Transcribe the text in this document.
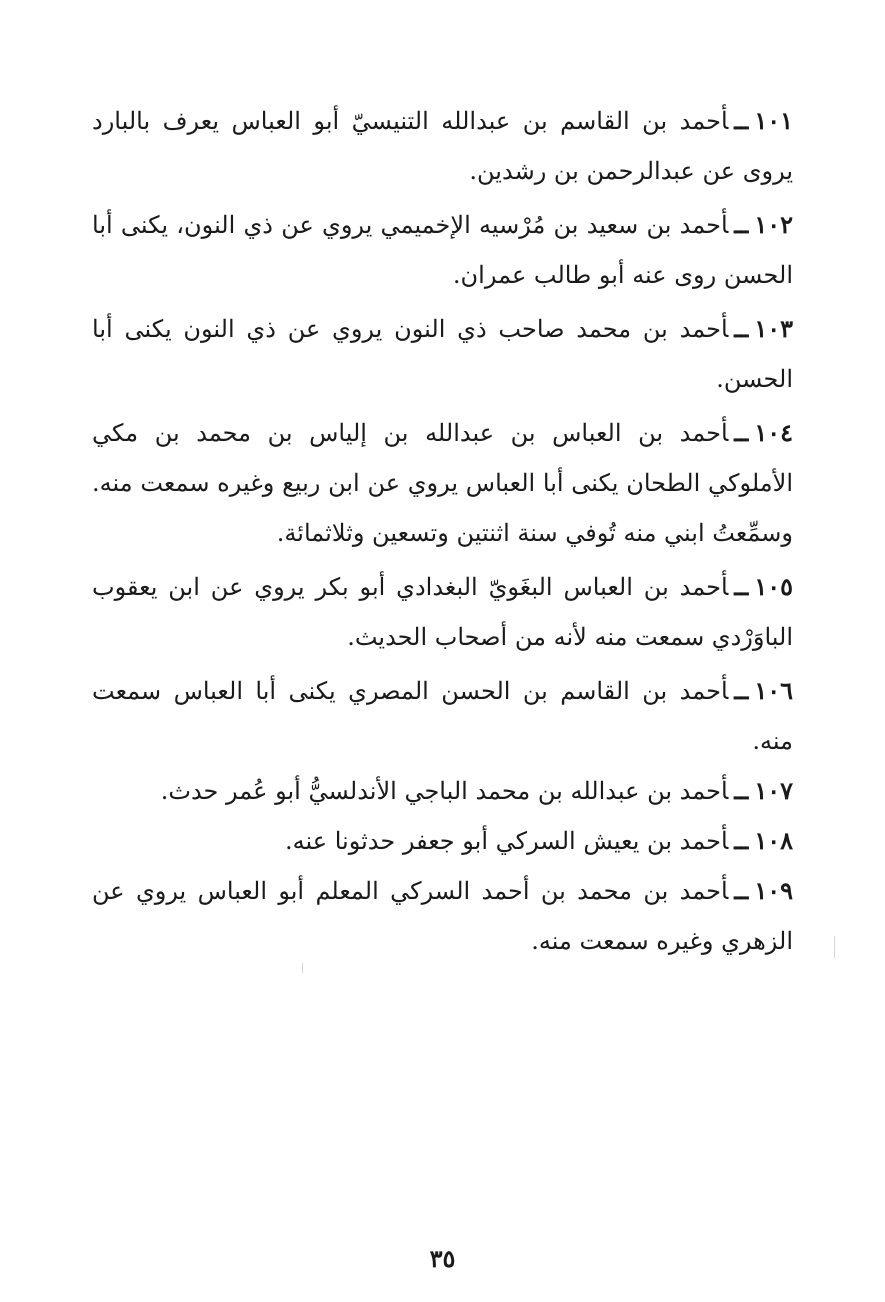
١٠١ــأحمد بن القاسم بن عبدالله التنيسيّ أبو العباس يعرف بالبارد يروى عن عبدالرحمن بن رشدين.

١٠٢ــأحمد بن سعيد بن مُرْسيه الإخميمي يروي عن ذي النون، يكنى أبا الحسن روى عنه أبو طالب عمران.

١٠٣ــأحمد بن محمد صاحب ذي النون يروي عن ذي النون يكنى أبا الحسن.

١٠٤ــأحمد بن العباس بن عبدالله بن إلياس بن محمد بن مكي الأملوكي الطحان يكنى أبا العباس يروي عن ابن ربيع وغيره سمعت منه. وسمِّعتُ ابني منه تُوفي سنة اثنتين وتسعين وثلاثمائة.

١٠٥ــأحمد بن العباس البغَويّ البغدادي أبو بكر يروي عن ابن يعقوب الباوَرْدي سمعت منه لأنه من أصحاب الحديث.

١٠٦ــأحمد بن القاسم بن الحسن المصري يكنى أبا العباس سمعت منه.

١٠٧ــأحمد بن عبدالله بن محمد الباجي الأندلسيُّ أبو عُمر حدث.

١٠٨ــأحمد بن يعيش السركي أبو جعفر حدثونا عنه.

١٠٩ــأحمد بن محمد بن أحمد السركي المعلم أبو العباس يروي عن الزهري وغيره سمعت منه.

٣٥
